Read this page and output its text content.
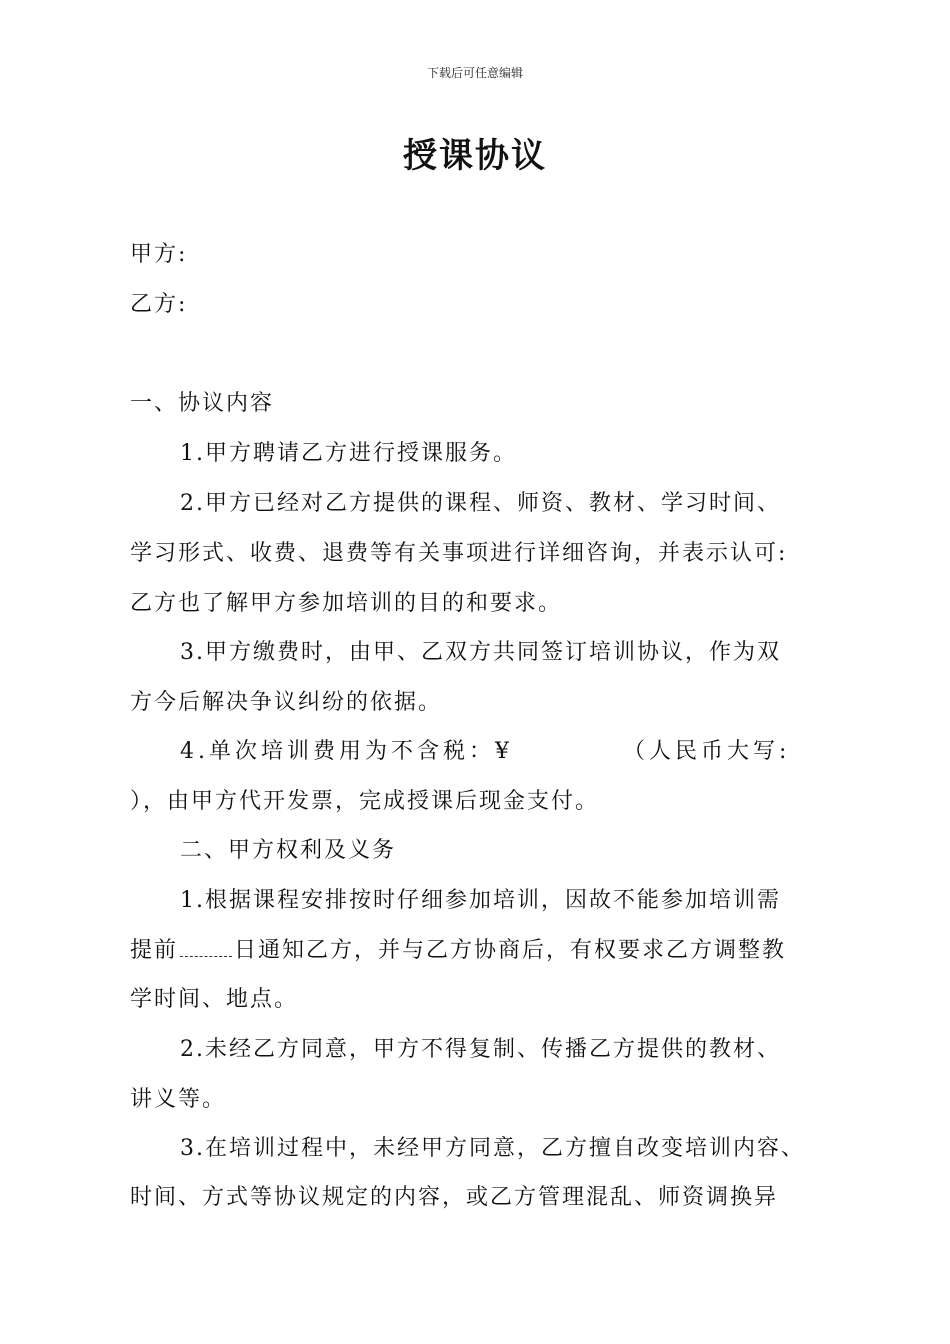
下载后可任意编辑
授课协议
甲方:
乙方:
一、协议内容
1.甲方聘请乙方进行授课服务。
2.甲方已经对乙方提供的课程、师资、教材、学习时间、
学习形式、收费、退费等有关事项进行详细咨询，并表示认可:
乙方也了解甲方参加培训的目的和要求。
3.甲方缴费时，由甲、乙双方共同签订培训协议，作为双
方今后解决争议纠纷的依据。
4.单次培训费用为不含税：¥	（人民币大写:
），由甲方代开发票，完成授课后现金支付。
二、甲方权利及义务
1.根据课程安排按时仔细参加培训，因故不能参加培训需
提前	日通知乙方，并与乙方协商后，有权要求乙方调整教
学时间、地点。
2.未经乙方同意，甲方不得复制、传播乙方提供的教材、
讲义等。
3.在培训过程中，未经甲方同意，乙方擅自改变培训内容、
时间、方式等协议规定的内容，或乙方管理混乱、师资调换异
